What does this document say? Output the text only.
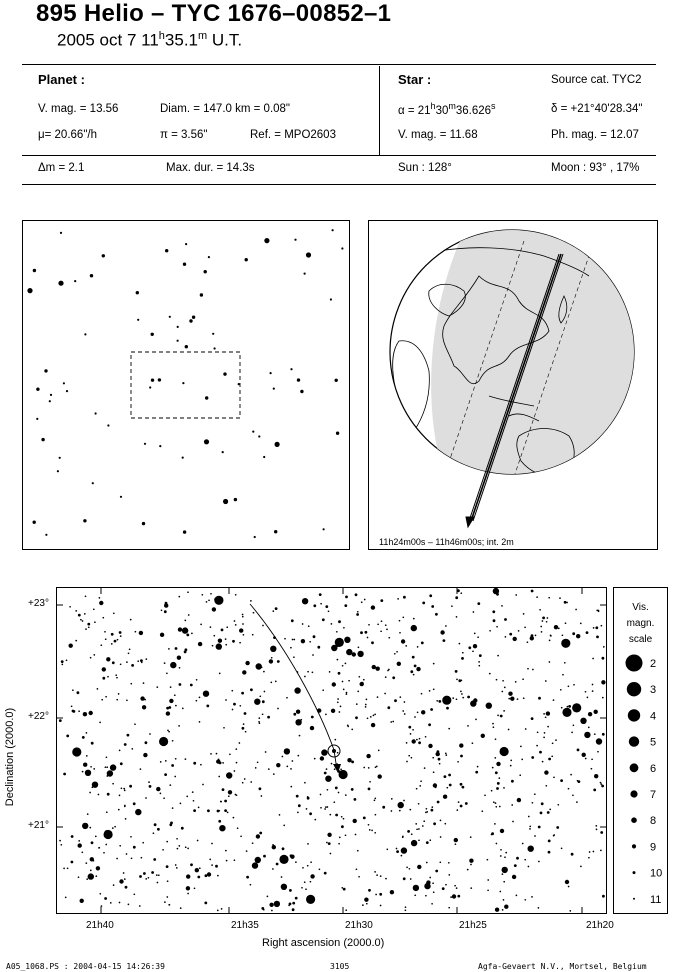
895 Helio – TYC 1676–00852–1
2005 oct 7 11$^h$35.1$^m$ U.T.
Planet :
V. mag. = 13.56	Diam. = 147.0 km = 0.08"
μ= 20.66"/h	π = 3.56"	Ref. = MPO2603
Star :	Source cat. TYC2
$\alpha = 21^h30^m36.626^s$	δ = +21°40'28.34"
V. mag. = 11.68	Ph. mag. = 12.07
Δm = 2.1	Max. dur. = 14.3s	Sun : 128°	Moon : 93° , 17%
11h24m00s – 11h46m00s; int. 2m
+23°
+22°
+21°
Declination (2000.0)
21h40	21h35	21h30	21h25	21h20
Right ascension (2000.0)
Vis.
magn.
scale
2
3
4
5
6
7
8
9
10
11
A05_1068.PS : 2004-04-15 14:26:39	3105	Agfa-Gevaert N.V., Mortsel, Belgium
